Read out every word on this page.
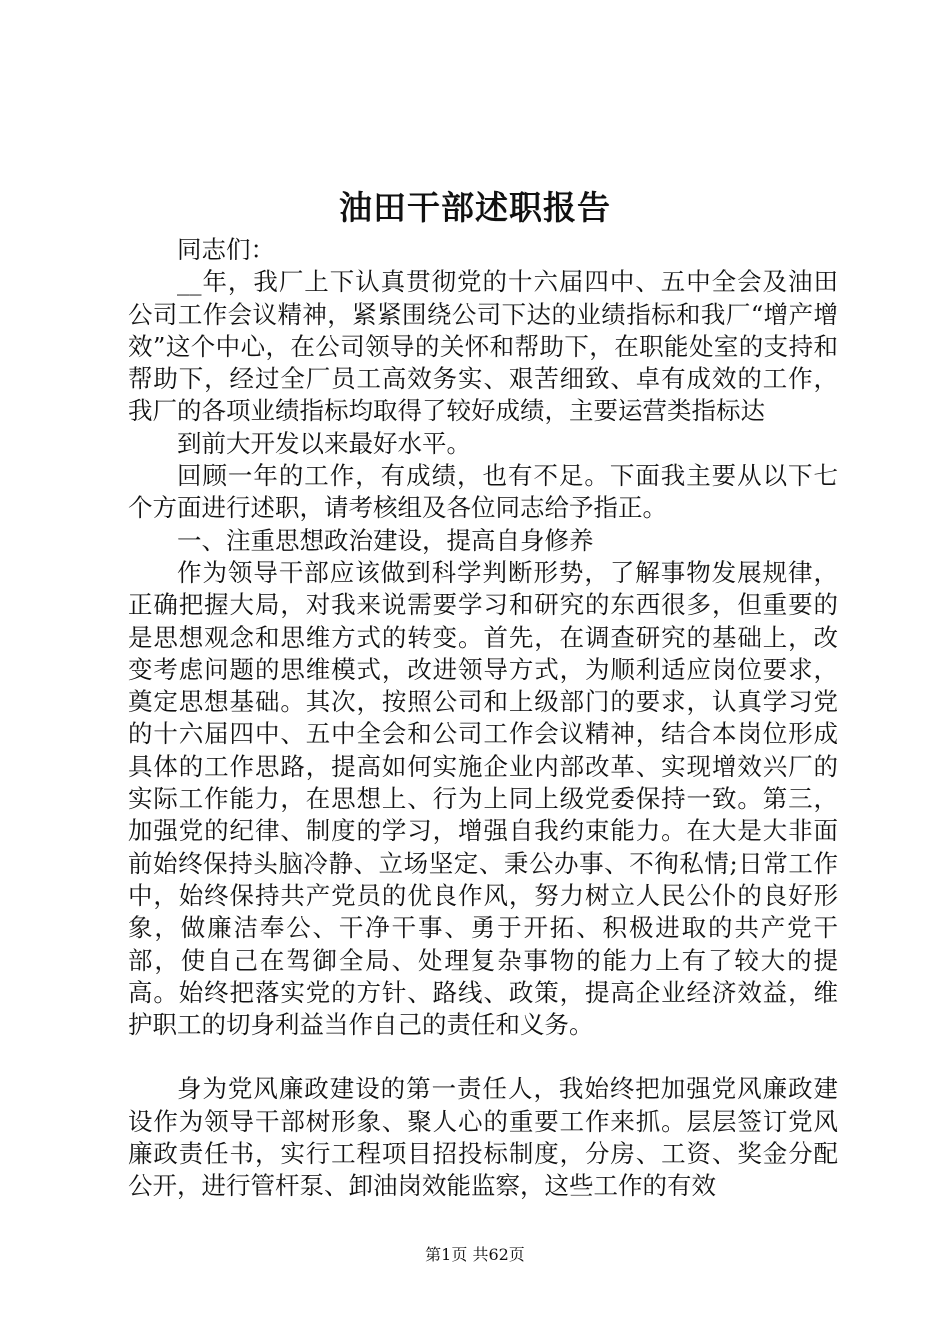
油田干部述职报告

同志们：

__年，我厂上下认真贯彻党的十六届四中、五中全会及油田公司工作会议精神，紧紧围绕公司下达的业绩指标和我厂“增产增效”这个中心，在公司领导的关怀和帮助下，在职能处室的支持和帮助下，经过全厂员工高效务实、艰苦细致、卓有成效的工作，我厂的各项业绩指标均取得了较好成绩，主要运营类指标达

到前大开发以来最好水平。

回顾一年的工作，有成绩，也有不足。下面我主要从以下七个方面进行述职，请考核组及各位同志给予指正。

一、注重思想政治建设，提高自身修养

作为领导干部应该做到科学判断形势，了解事物发展规律，正确把握大局，对我来说需要学习和研究的东西很多，但重要的是思想观念和思维方式的转变。首先，在调查研究的基础上，改变考虑问题的思维模式，改进领导方式，为顺利适应岗位要求，奠定思想基础。其次，按照公司和上级部门的要求，认真学习党的十六届四中、五中全会和公司工作会议精神，结合本岗位形成具体的工作思路，提高如何实施企业内部改革、实现增效兴厂的实际工作能力，在思想上、行为上同上级党委保持一致。第三，加强党的纪律、制度的学习，增强自我约束能力。在大是大非面前始终保持头脑冷静、立场坚定、秉公办事、不徇私情;日常工作中，始终保持共产党员的优良作风，努力树立人民公仆的良好形象，做廉洁奉公、干净干事、勇于开拓、积极进取的共产党干部，使自己在驾御全局、处理复杂事物的能力上有了较大的提高。始终把落实党的方针、路线、政策，提高企业经济效益，维护职工的切身利益当作自己的责任和义务。

身为党风廉政建设的第一责任人，我始终把加强党风廉政建设作为领导干部树形象、聚人心的重要工作来抓。层层签订党风廉政责任书，实行工程项目招投标制度，分房、工资、奖金分配公开，进行管杆泵、卸油岗效能监察，这些工作的有效

第1页 共62页
